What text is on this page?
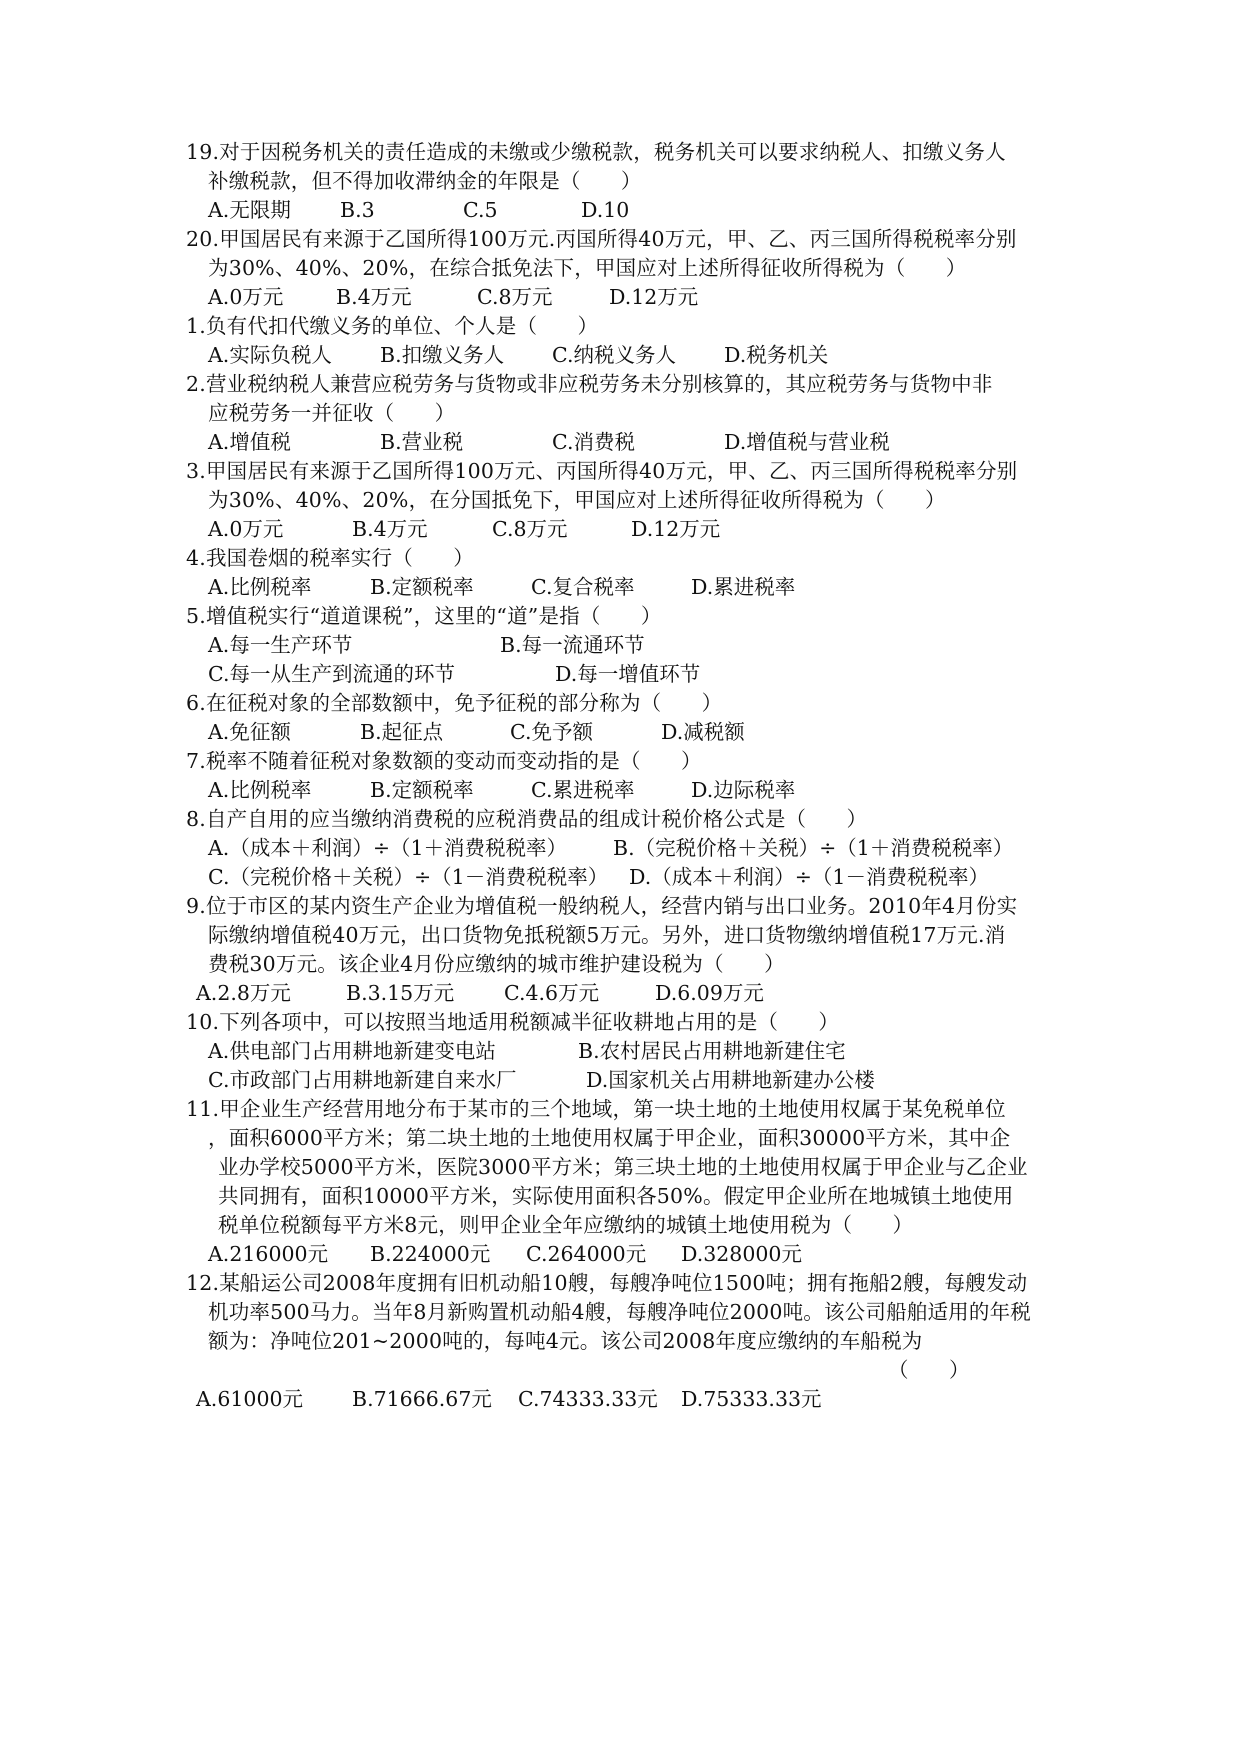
19.对于因税务机关的责任造成的未缴或少缴税款，税务机关可以要求纳税人、扣缴义务人
补缴税款，但不得加收滞纳金的年限是（      ）
A.无限期 B.3	C.5	D.10
20.甲国居民有来源于乙国所得100万元.丙国所得40万元，甲、乙、丙三国所得税税率分别
为30%、40%、20%，在综合抵免法下，甲国应对上述所得征收所得税为（      ）
A.0万元	B.4万元	C.8万元	D.12万元
1.负有代扣代缴义务的单位、个人是（      ）
A.实际负税人 B.扣缴义务人 C.纳税义务人 D.税务机关
2.营业税纳税人兼营应税劳务与货物或非应税劳务未分别核算的，其应税劳务与货物中非
应税劳务一并征收（      ）
A.增值税	B.营业税	C.消费税	D.增值税与营业税
3.甲国居民有来源于乙国所得100万元、丙国所得40万元，甲、乙、丙三国所得税税率分别
为30%、40%、20%，在分国抵免下，甲国应对上述所得征收所得税为（      ）
A.0万元	B.4万元	C.8万元	D.12万元
4.我国卷烟的税率实行（      ）
A.比例税率	B.定额税率	C.复合税率	D.累进税率
5.增值税实行“道道课税”，这里的“道”是指（      ）
A.每一生产环节	B.每一流通环节
C.每一从生产到流通的环节	D.每一增值环节
6.在征税对象的全部数额中，免予征税的部分称为（      ）
A.免征额	B.起征点	C.免予额	D.减税额
7.税率不随着征税对象数额的变动而变动指的是（      ）
A.比例税率	B.定额税率	C.累进税率	D.边际税率
8.自产自用的应当缴纳消费税的应税消费品的组成计税价格公式是（      ）
A.（成本＋利润）÷（1＋消费税税率） B.（完税价格＋关税）÷（1＋消费税税率）
C.（完税价格＋关税）÷（1－消费税税率） D.（成本＋利润）÷（1－消费税税率）
9.位于市区的某内资生产企业为增值税一般纳税人，经营内销与出口业务。2010年4月份实
际缴纳增值税40万元，出口货物免抵税额5万元。另外，进口货物缴纳增值税17万元.消
费税30万元。该企业4月份应缴纳的城市维护建设税为（      ）
A.2.8万元	B.3.15万元 C.4.6万元	D.6.09万元
10.下列各项中，可以按照当地适用税额减半征收耕地占用的是（      ）
A.供电部门占用耕地新建变电站	B.农村居民占用耕地新建住宅
C.市政部门占用耕地新建自来水厂	D.国家机关占用耕地新建办公楼
11.甲企业生产经营用地分布于某市的三个地域，第一块土地的土地使用权属于某免税单位
，面积6000平方米；第二块土地的土地使用权属于甲企业，面积30000平方米，其中企
业办学校5000平方米，医院3000平方米；第三块土地的土地使用权属于甲企业与乙企业
共同拥有，面积10000平方米，实际使用面积各50%。假定甲企业所在地城镇土地使用
税单位税额每平方米8元，则甲企业全年应缴纳的城镇土地使用税为（      ）
A.216000元 B.224000元 C.264000元 D.328000元
12.某船运公司2008年度拥有旧机动船10艘，每艘净吨位1500吨；拥有拖船2艘，每艘发动
机功率500马力。当年8月新购置机动船4艘，每艘净吨位2000吨。该公司船舶适用的年税
额为：净吨位201~2000吨的，每吨4元。该公司2008年度应缴纳的车船税为
（      ）
A.61000元 B.71666.67元 C.74333.33元 D.75333.33元
